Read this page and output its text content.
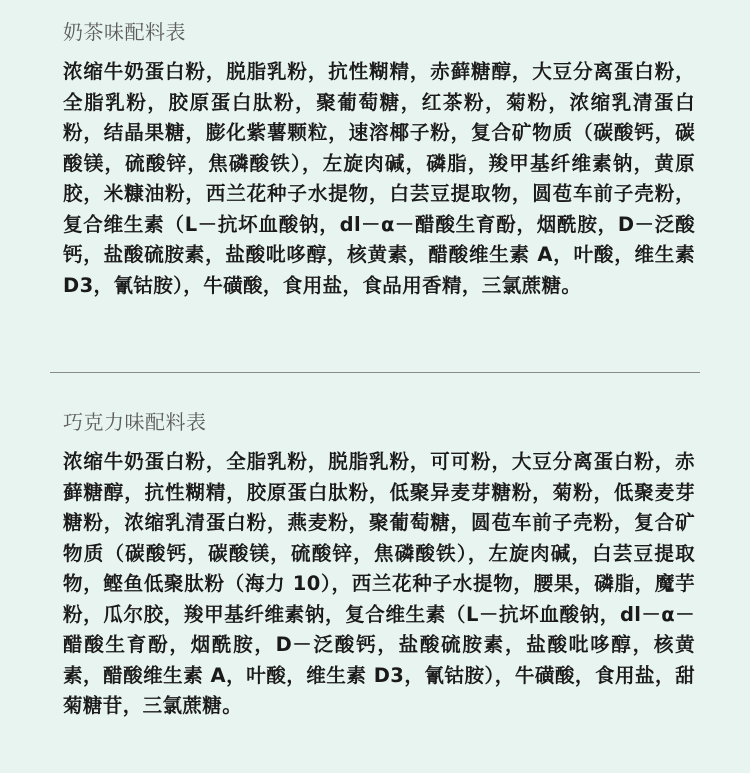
奶茶味配料表

浓缩牛奶蛋白粉，脱脂乳粉，抗性糊精，赤藓糖醇，大豆分离蛋白粉，全脂乳粉，胶原蛋白肽粉，聚葡萄糖，红茶粉，菊粉，浓缩乳清蛋白粉，结晶果糖，膨化紫薯颗粒，速溶椰子粉，复合矿物质（碳酸钙，碳酸镁，硫酸锌，焦磷酸铁），左旋肉碱，磷脂，羧甲基纤维素钠，黄原胶，米糠油粉，西兰花种子水提物，白芸豆提取物，圆苞车前子壳粉，复合维生素（L－抗坏血酸钠，dl－α－醋酸生育酚，烟酰胺，D－泛酸钙，盐酸硫胺素，盐酸吡哆醇，核黄素，醋酸维生素 A，叶酸，维生素 D3，氰钴胺），牛磺酸，食用盐，食品用香精，三氯蔗糖。

巧克力味配料表

浓缩牛奶蛋白粉，全脂乳粉，脱脂乳粉，可可粉，大豆分离蛋白粉，赤藓糖醇，抗性糊精，胶原蛋白肽粉，低聚异麦芽糖粉，菊粉，低聚麦芽糖粉，浓缩乳清蛋白粉，燕麦粉，聚葡萄糖，圆苞车前子壳粉，复合矿物质（碳酸钙，碳酸镁，硫酸锌，焦磷酸铁），左旋肉碱，白芸豆提取物，鲣鱼低聚肽粉（海力 10），西兰花种子水提物，腰果，磷脂，魔芋粉，瓜尔胶，羧甲基纤维素钠，复合维生素（L－抗坏血酸钠，dl－α－醋酸生育酚，烟酰胺，D－泛酸钙，盐酸硫胺素，盐酸吡哆醇，核黄素，醋酸维生素 A，叶酸，维生素 D3，氰钴胺），牛磺酸，食用盐，甜菊糖苷，三氯蔗糖。
